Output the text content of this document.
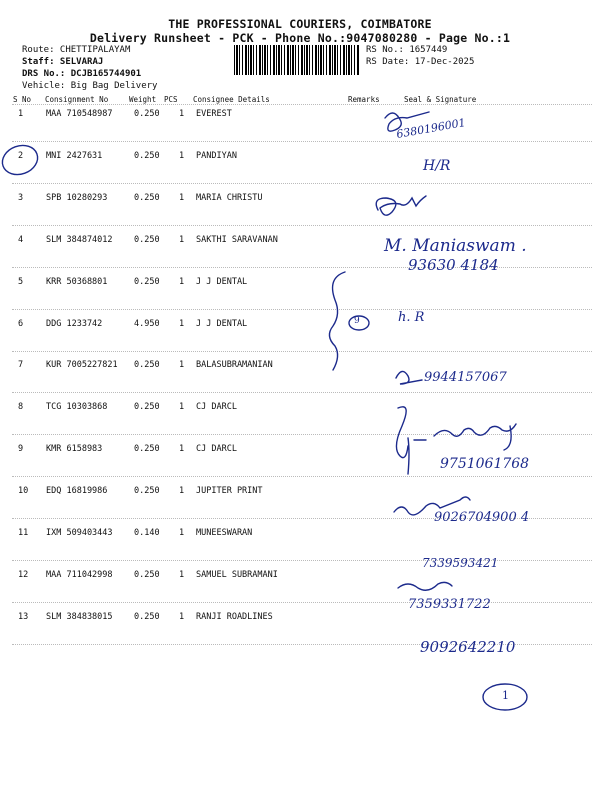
THE PROFESSIONAL COURIERS, COIMBATORE
Delivery Runsheet - PCK - Phone No.:9047080280 - Page No.:1
Route: CHETTIPALAYAM
Staff: SELVARAJ
DRS No.: DCJB165744901
Vehicle: Big Bag Delivery
RS No.: 1657449
RS Date: 17-Dec-2025
S No Consignment No	Weight PCS Consignee Details	Remarks	Seal & Signature
1	MAA 710548987	0.250 1 EVEREST
2	MNI 2427631	0.250 1 PANDIYAN
3	SPB 10280293	0.250 1 MARIA CHRISTU
4	SLM 384874012	0.250 1 SAKTHI SARAVANAN
5	KRR 50368801	0.250 1 J J DENTAL
6	DDG 1233742	4.950 1 J J DENTAL
7	KUR 7005227821 0.250 1 BALASUBRAMANIAN
8	TCG 10303868	0.250 1 CJ DARCL
9	KMR 6158983	0.250 1 CJ DARCL
10 EDQ 16819986	0.250 1 JUPITER PRINT
11 IXM 509403443	0.140 1 MUNEESWARAN
12 MAA 711042998	0.250 1 SAMUEL SUBRAMANI
13 SLM 384838015	0.250 1 RANJI ROADLINES
6380196001
H/R
M. Maniaswam .
93630 4184
h. R
9
9944157067
9751061768
9026704900 4
7339593421
7359331722
9092642210
1
